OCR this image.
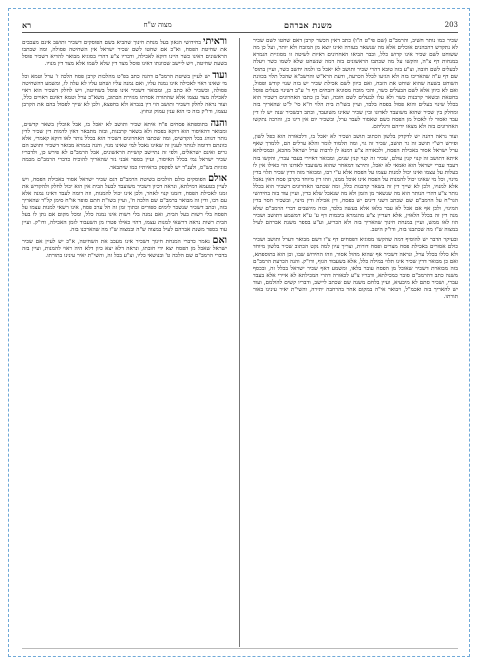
רא	מצוה ש"ח	משנת אברהם	203

שכיר כמו נותר חשיב, והרמב"ם (שם פי"ט ה"ו) כתב דאין הכשר קרבן דאם שחטו לשם שכיר לא נתקדש דהכהנים אוכלים אלא מה שנשאר בעזרה ואינו יוצא מן המזבח ולא יותר, ועל כן מה ששוחט לשם שכיר אינו קדוש כלל, וכבר הביאו האחרונים ראיות לשיטה זו מסוגיית הגמרא במנחות דף צ"ה, והקשו על מה שכתבו הראשונים בזה דמה שנשחט שלא לשמו כשר ויעלה לבעלים לשם חובה, וצ"ע בזה טובא דהרי שכיר ותושב לא יאכל בו ולמה יחשב כשר, ועיין בתוס' שם דף ע"ה שהאריכו בזה ולא הגיעו לכלל הכרעה, ודעת הרא"ש והרשב"א שהכל תלוי בכוונת השוחט בשעה שהוא שוחט את הזבח, ואם כיוון לשם אכילת שכיר יש בזה שנוי קודש ופסול, ואם לא כיוון אלא לשם הבעלים כשר, והכי מוכח מסוגיא דזבחים דף ד' ע"ב דשינוי בעלים פוסל בחטאת ובשאר קרבנות כשר ולא עלו לבעלים לשם חובה, ועל כן כתבו האחרונים דשכיר הוא בכלל שינוי בעלים והוא פסול בפסח בלבד, ועיין בשו"ת בית הלוי ח"א סי' ל"ט שהאריך בזה ומחלק בין שכיר שהוא משועבד לאדונו ובין שכיר שאינו משועבד, וכתב דבשכיר שנה יש לו דין עבד ואסור לו לאכול מן הפסח כשם שאסור לעבד ערל, ובשכיר יום אין דינו כן, והרבה נתקשו האחרונים בזה ולא מצאו ידיהם ורגליהם.

ועוד נראה דהנה יש לדקדק בלשון הכתוב תושב ושכיר לא יאכל בו, דלכאורה הוא כפל לשון, ופירש רש"י תושב זה גר תושב, שכיר זה גוי, ומה תלמוד לומר והלא ערלים הם, ללמדך שאף ערל ישראל אסור באכילת הפסח, ולכאורה צ"ע דמנא לן לרבות ערל ישראל מהכא, ובמכילתא איתא דתושב זה קנוי קנין עולם, שכיר זה קנוי קנין שנים, ומבואר דאיירי בעבד עברי, והקשו בזה דעבד עברי ישראל הוא ואמאי לא יאכל, ותירצו דמאחר שהוא משועבד לאדונו הוי כאילו אין לו בעלות על עצמו ואינו יכול למנות עצמו על הפסח אלא ע"י רבו, ומבואר מזה דדין שכיר תלוי בדין מינוי, וכל מי שאינו יכול להמנות על הפסח אינו אוכל ממנו, וזהו דין מיוחד בקרבן פסח דאין נאכל אלא למנויו, ולכן לא שייך דין זה בשאר קרבנות כלל, ומה שכתבו האחרונים דשכיר הוא בכלל נותר צ"ע דהרי הנותר הוא מה שנשאר מן הזמן ולא מה שנאכל שלא כדין, ועיין עוד בזה בחידושי הגר"ח על הרמב"ם שם שכתב דשני דינים יש בפסח, דין אכילה ודין מינוי, ובשכיר חסר בדין המינוי, ולכן אף אם אכל לא עבר בלאו אלא בעשה בלבד, ובזה מיושבים דברי הרמב"ם שלא מנה דין זה בכלל הלאוין, אלא דעדיין צ"ע מהגמרא ביבמות דף ע' ע"א דמשמע דתושב ושכיר הוו לאו ממש, ועיין במנחת חינוך שהאריך בזה ולא הכריע, וע"ע בספר משנת אברהם לעיל במצוה ש"ז מה שכתבנו בזה, ודו"ק היטב.

ובעיקר הדבר יש להוסיף דמה שהקשו מסוגיא דפסחים דף צ"ו דשם מבואר דערל ותושב ושכיר כולם אסורים באכילת פסח מצרים ופסח דורות, וצריך עיון למה נקט הכתוב שכיר בלשון מיוחד ולא כללו בכלל ערל, ונראה דשכיר אף שהוא מהול אסור, וזהו החידוש שבו, וכן הוא בתוספתא, ואם כן מבואר דדין שכיר אינו תלוי במילה כלל, אלא בשעבוד הגוף, ודו"ק. והנה הכרעת הרמב"ם בזה מבוארת דשכיר שאוכל מן הפסח עובר בלאו, ומשמע דאף שכיר ישראל בכלל זה, ובכסף משנה כתב דהרמב"ם סובר כמכילתא, ודבריו צ"ע לכאורה דהרי המכילתא לא איירי אלא בעבד עברי, ושכיר סתם לא מיבעיא, ועיין בלחם משנה שם שכתב ליישב, ודבריו קשים להולמם, ועוד יש להאריך בזה ואכמ"ל, ויבואר אי"ה במקום אחר בהרחבה יתירה, והשי"ת יאיר עינינו באור תורתו.

וראיתי בחידושי הגאון בעל מנחת חינוך שהביא בשם הפוסקים דשכיר ותושב אינם מעכבים את שחיטת הפסח, וא"כ אם שחטו לשם שכיר ישראל אין השחיטה פסולה, ומה שכתבו הראשונים דאינו כשר היינו דוקא לאכילה, ודבריו צ"ע דהרי בסוגיא מבואר להדיא דשכיר פוסל בשעת שחיטה, ויש ליישב שכוונתו דאינו פוסל מצד דין שלא לשמו אלא מצד דין מנויו.

ועוד יש לעיין בשיטת הרמב"ם דהנה כתב בפ"ט מהלכות קרבן פסח הלכה ז' ערל וטמא וכל מי שאינו ראוי לאכילה אינו נמנה עליו, ואם נמנה עליו ושחט עליו לא עלה לו, ומשמע דהשחיטה פסולה, ובשכיר לא כתב כן, ומבואר דשכיר אינו פוסל בשחיטה, ויש לחלק דשכיר הוא ראוי לאכילה מצד עצמו אלא שהתורה אסרתו מגזירת הכתוב, משא"כ ערל וטמא דאינם ראויים כלל, ועוד נראה לחלק דשכיר ותושב הוי דין בגברא ולא בחפצא, ולכן לא שייך לפסול בהם את הקרבן עצמו, ודו"ק בזה כי הוא ענין עמוק ונחוץ.

והנה בתוספתא פסחים פ"ח איתא שכיר ותושב לא יאכל בו, אבל אוכלין בשאר קדשים, ומבואר דהאיסור הוא דוקא בפסח ולא בשאר קרבנות, ובזה מתבאר דאין לדמות דין שכיר לדין נותר דנוהג בכל הקדשים, ומה שכתבו האחרונים דשכיר הוא בכלל נותר לאו דוקא קאמרי, אלא כוונתם דדומה לנותר לענין זה שאינו נאכל למי שאינו מנוי, והנה בגמרא מבואר דשכיר ותושב הם גרים ואינם ישראלים, ולפי זה נתיישב קושיית הראשונים, אבל הרמב"ם לא פירש כן, ולדבריו שכיר ישראל נמי בכלל האיסור, ועיין בספר אבני נזר שהאריך להוכיח כדברי הרמב"ם מכמה סוגיות בש"ס, ולענ"ד יש לפקפק בראיותיו כמו שיתבאר.

אולם הפוסקים כולם הולכים בשיטת הרמב"ם דגם שכיר ישראל אסור באכילת הפסח, ויש לעיין בטעמא דמילתא, ונראה דכיון דשכיר משועבד לבעל הבית אין הוא יכול לחלק ולהקדיש את זמנו לאכילת הפסח, דזמנו קנוי לאחר, ולכן אינו יכול להמנות, וזה דומה לעבד דאינו נמנה אלא עם רבו, ודין זה מבואר ברמב"ם שם הלכה ח', ועיין בשו"ת חתם סופר או"ח סימן קל"ד שהאריך בזה, וכתב דשכיר שנשכר לימים ספורים ובתוך זמן זה חל ערב פסח, אינו רשאי למנות עצמו על הפסח בלי רשות בעל הבית, ואם נמנה בלי רשות אינו נמנה כלל, ומכל מקום אם נתן לו בעל הבית רשות נראה דרשאי למנות עצמו, דהוי כאילו פטרו מן השעבוד לזמן האכילה, ודו"ק. ועיין עוד בספר משנת אברהם לעיל במצוה ש"ה ובמצוה ש"ו מה שהארכנו בזה.

ואם נאמר כדברי המנחת חינוך דשכיר אינו מעכב את השחיטה, א"כ יש לעיין אם שכיר ישראל שאכל מן הפסח יצא ידי חובתו, ונראה דלא יצא כיון דלא היה ראוי להמנות, ועיין בזה בדברי הרמב"ם שם הלכה ט' ובנושאי כליו, וצ"ע בכל זה, והשי"ת יאיר עינינו בתורתו.
